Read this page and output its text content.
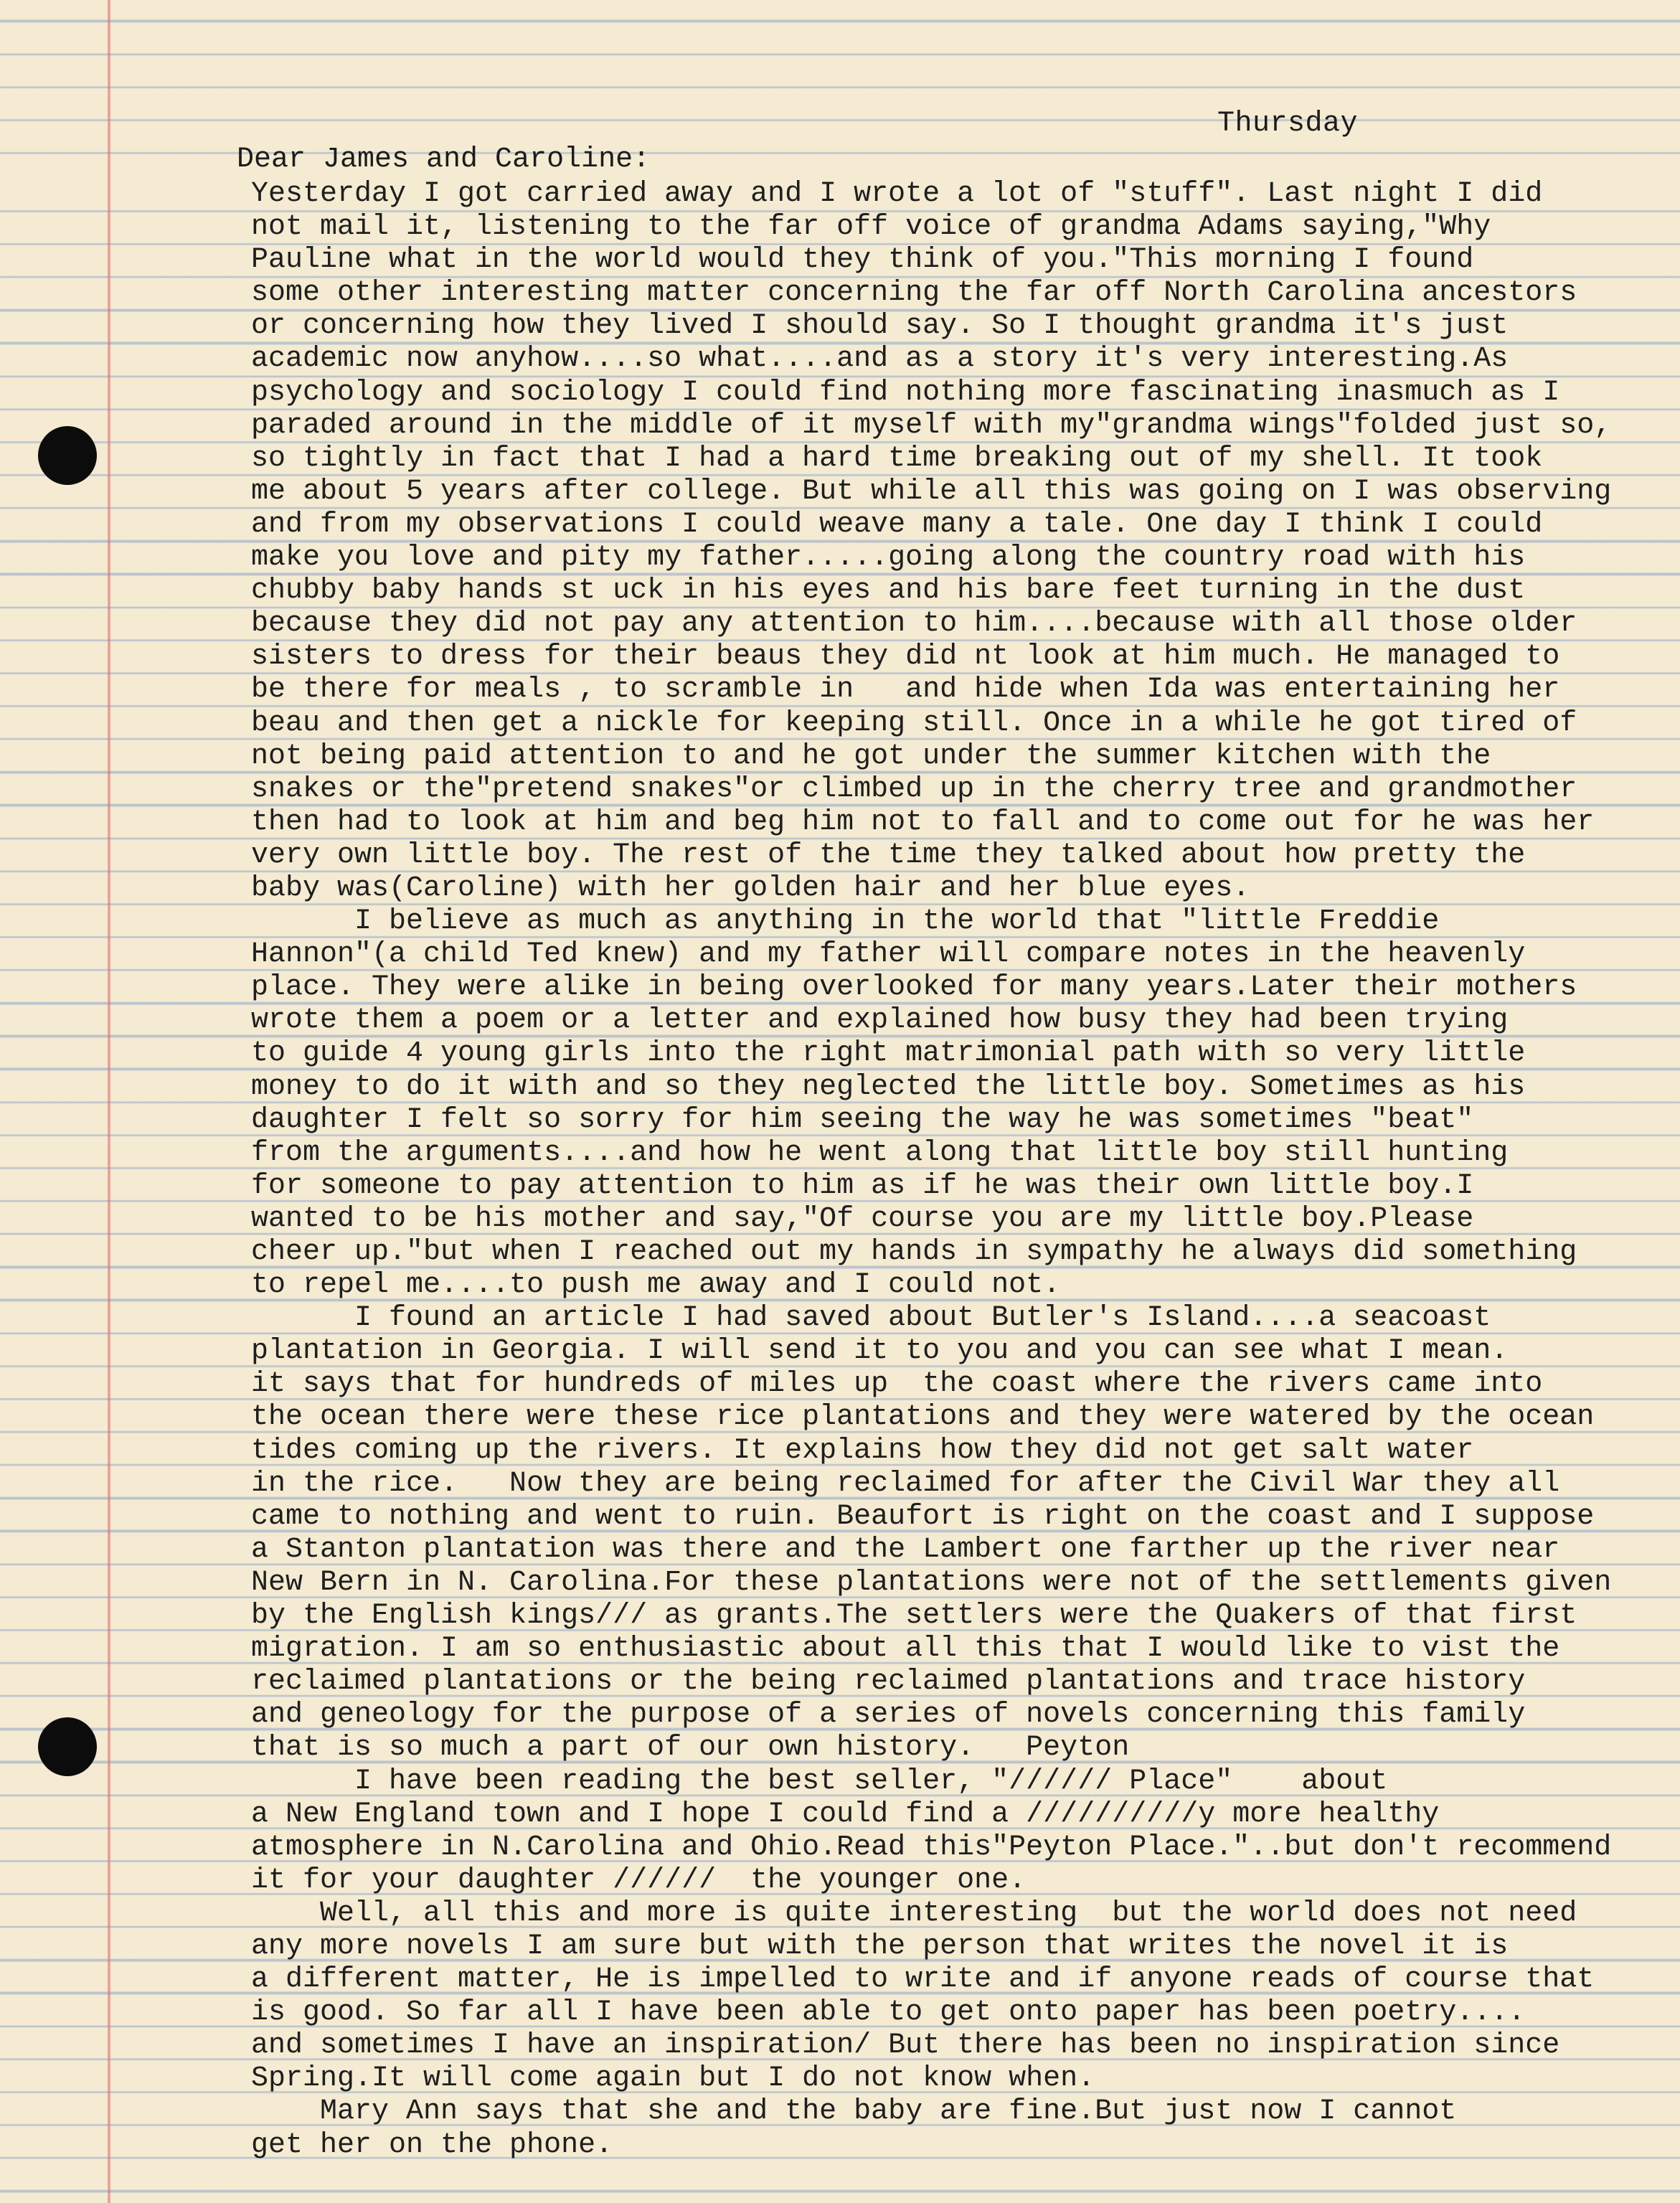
Thursday
Dear James and Caroline:
Yesterday I got carried away and I wrote a lot of "stuff". Last night I did
not mail it, listening to the far off voice of grandma Adams saying,"Why
Pauline what in the world would they think of you."This morning I found
some other interesting matter concerning the far off North Carolina ancestors
or concerning how they lived I should say. So I thought grandma it's just
academic now anyhow....so what....and as a story it's very interesting.As
psychology and sociology I could find nothing more fascinating inasmuch as I
paraded around in the middle of it myself with my"grandma wings"folded just so,
so tightly in fact that I had a hard time breaking out of my shell. It took
me about 5 years after college. But while all this was going on I was observing
and from my observations I could weave many a tale. One day I think I could
make you love and pity my father.....going along the country road with his
chubby baby hands st uck in his eyes and his bare feet turning in the dust
because they did not pay any attention to him....because with all those older
sisters to dress for their beaus they did nt look at him much. He managed to
be there for meals , to scramble in   and hide when Ida was entertaining her
beau and then get a nickle for keeping still. Once in a while he got tired of
not being paid attention to and he got under the summer kitchen with the
snakes or the"pretend snakes"or climbed up in the cherry tree and grandmother
then had to look at him and beg him not to fall and to come out for he was her
very own little boy. The rest of the time they talked about how pretty the
baby was(Caroline) with her golden hair and her blue eyes.
I believe as much as anything in the world that "little Freddie
Hannon"(a child Ted knew) and my father will compare notes in the heavenly
place. They were alike in being overlooked for many years.Later their mothers
wrote them a poem or a letter and explained how busy they had been trying
to guide 4 young girls into the right matrimonial path with so very little
money to do it with and so they neglected the little boy. Sometimes as his
daughter I felt so sorry for him seeing the way he was sometimes "beat"
from the arguments....and how he went along that little boy still hunting
for someone to pay attention to him as if he was their own little boy.I
wanted to be his mother and say,"Of course you are my little boy.Please
cheer up."but when I reached out my hands in sympathy he always did something
to repel me....to push me away and I could not.
I found an article I had saved about Butler's Island....a seacoast
plantation in Georgia. I will send it to you and you can see what I mean.
it says that for hundreds of miles up  the coast where the rivers came into
the ocean there were these rice plantations and they were watered by the ocean
tides coming up the rivers. It explains how they did not get salt water
in the rice.   Now they are being reclaimed for after the Civil War they all
came to nothing and went to ruin. Beaufort is right on the coast and I suppose
a Stanton plantation was there and the Lambert one farther up the river near
New Bern in N. Carolina.For these plantations were not of the settlements given
by the English kings/// as grants.The settlers were the Quakers of that first
migration. I am so enthusiastic about all this that I would like to vist the
reclaimed plantations or the being reclaimed plantations and trace history
and geneology for the purpose of a series of novels concerning this family
that is so much a part of our own history.   Peyton
I have been reading the best seller, "////// Place"    about
a New England town and I hope I could find a //////////y more healthy
atmosphere in N.Carolina and Ohio.Read this"Peyton Place."..but don't recommend
it for your daughter //////  the younger one.
Well, all this and more is quite interesting  but the world does not need
any more novels I am sure but with the person that writes the novel it is
a different matter, He is impelled to write and if anyone reads of course that
is good. So far all I have been able to get onto paper has been poetry....
and sometimes I have an inspiration/ But there has been no inspiration since
Spring.It will come again but I do not know when.
Mary Ann says that she and the baby are fine.But just now I cannot
get her on the phone.
